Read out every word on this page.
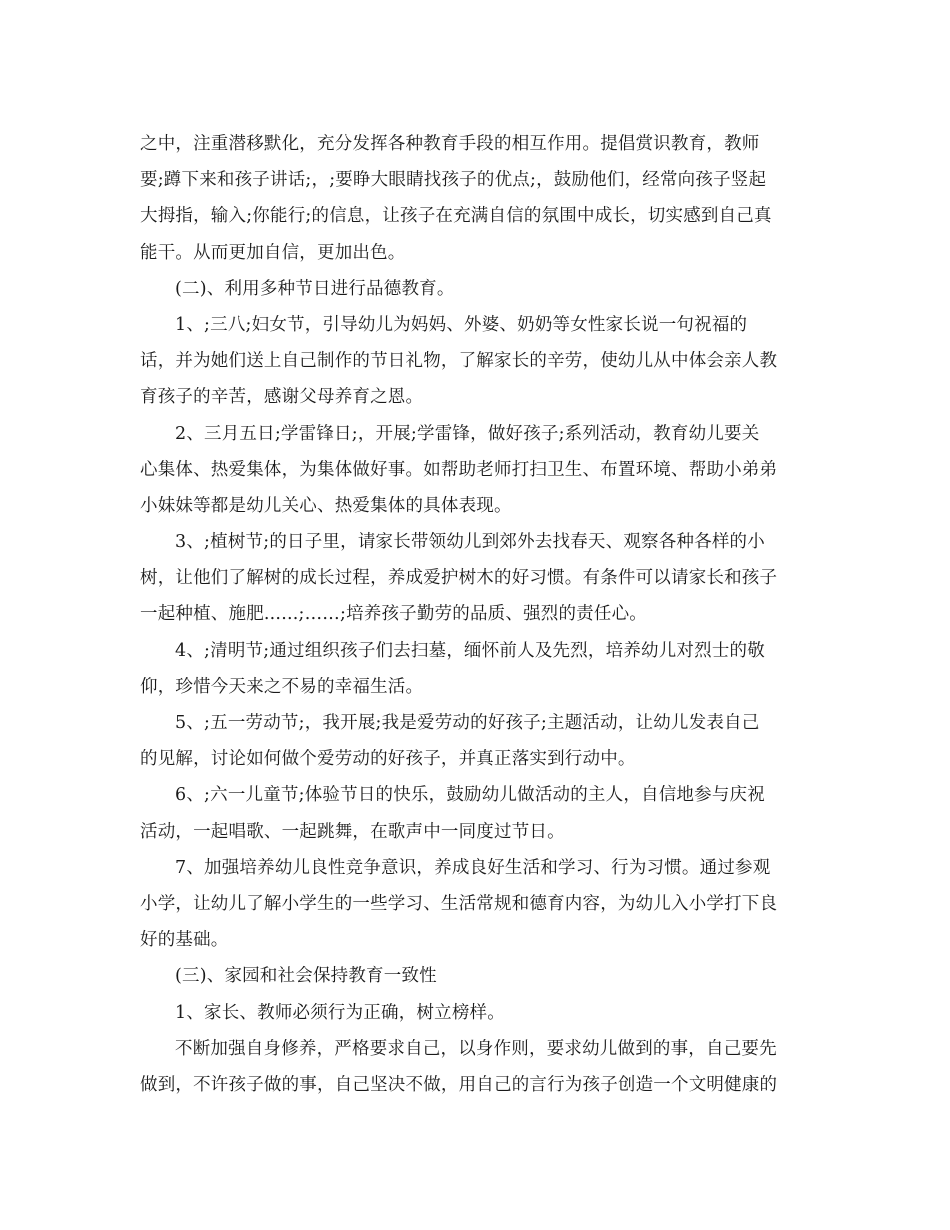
之中，注重潜移默化，充分发挥各种教育手段的相互作用。提倡赏识教育，教师
要;蹲下来和孩子讲话;，;要睁大眼睛找孩子的优点;，鼓励他们，经常向孩子竖起
大拇指，输入;你能行;的信息，让孩子在充满自信的氛围中成长，切实感到自己真
能干。从而更加自信，更加出色。
(二)、利用多种节日进行品德教育。
1、;三八;妇女节，引导幼儿为妈妈、外婆、奶奶等女性家长说一句祝福的
话，并为她们送上自己制作的节日礼物，了解家长的辛劳，使幼儿从中体会亲人教
育孩子的辛苦，感谢父母养育之恩。
2、三月五日;学雷锋日;，开展;学雷锋，做好孩子;系列活动，教育幼儿要关
心集体、热爱集体，为集体做好事。如帮助老师打扫卫生、布置环境、帮助小弟弟
小妹妹等都是幼儿关心、热爱集体的具体表现。
3、;植树节;的日子里，请家长带领幼儿到郊外去找春天、观察各种各样的小
树，让他们了解树的成长过程，养成爱护树木的好习惯。有条件可以请家长和孩子
一起种植、施肥......;……;培养孩子勤劳的品质、强烈的责任心。
4、;清明节;通过组织孩子们去扫墓，缅怀前人及先烈，培养幼儿对烈士的敬
仰，珍惜今天来之不易的幸福生活。
5、;五一劳动节;，我开展;我是爱劳动的好孩子;主题活动，让幼儿发表自己
的见解，讨论如何做个爱劳动的好孩子，并真正落实到行动中。
6、;六一儿童节;体验节日的快乐，鼓励幼儿做活动的主人，自信地参与庆祝
活动，一起唱歌、一起跳舞，在歌声中一同度过节日。
7、加强培养幼儿良性竞争意识，养成良好生活和学习、行为习惯。通过参观
小学，让幼儿了解小学生的一些学习、生活常规和德育内容，为幼儿入小学打下良
好的基础。
(三)、家园和社会保持教育一致性
1、家长、教师必须行为正确，树立榜样。
不断加强自身修养，严格要求自己，以身作则，要求幼儿做到的事，自己要先
做到，不许孩子做的事，自己坚决不做，用自己的言行为孩子创造一个文明健康的
